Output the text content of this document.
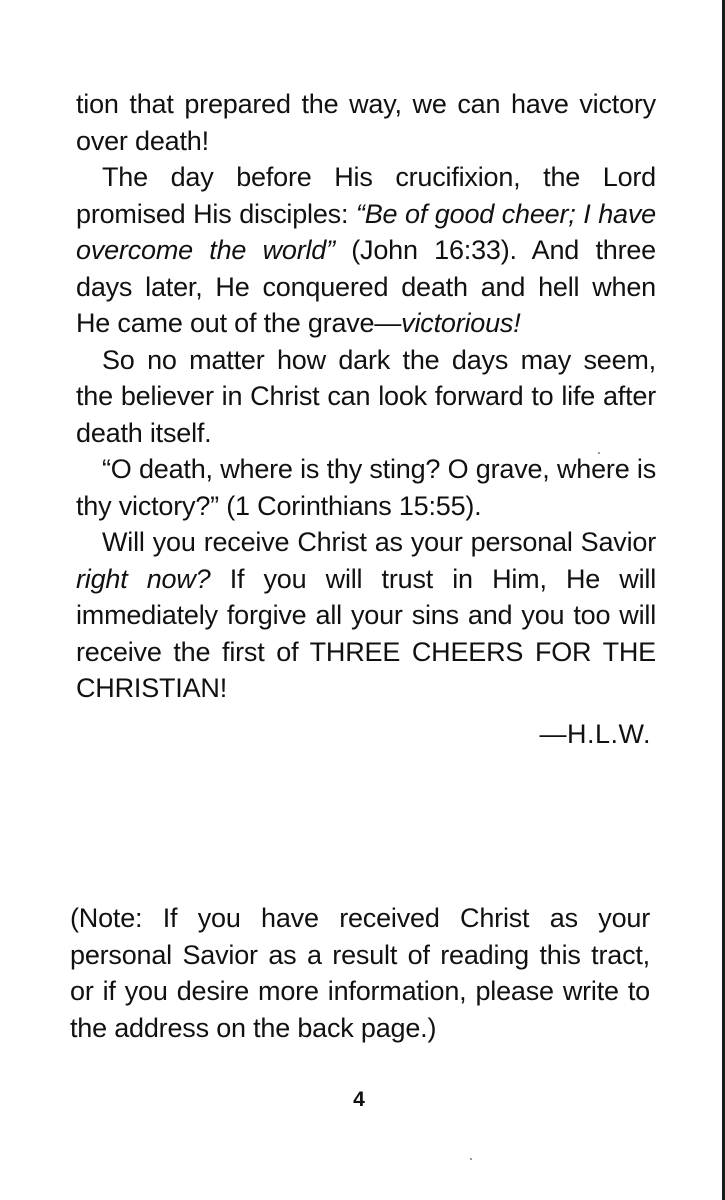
tion that prepared the way, we can have victory over death!

The day before His crucifixion, the Lord promised His disciples: “Be of good cheer; I have overcome the world” (John 16:33). And three days later, He conquered death and hell when He came out of the grave—victorious!

So no matter how dark the days may seem, the believer in Christ can look forward to life after death itself.

“O death, where is thy sting? O grave, where is thy victory?” (1 Corinthians 15:55).

Will you receive Christ as your personal Savior right now? If you will trust in Him, He will immediately forgive all your sins and you too will receive the first of THREE CHEERS FOR THE CHRISTIAN!

—H.L.W.
(Note: If you have received Christ as your personal Savior as a result of reading this tract, or if you desire more information, please write to the address on the back page.)
4
